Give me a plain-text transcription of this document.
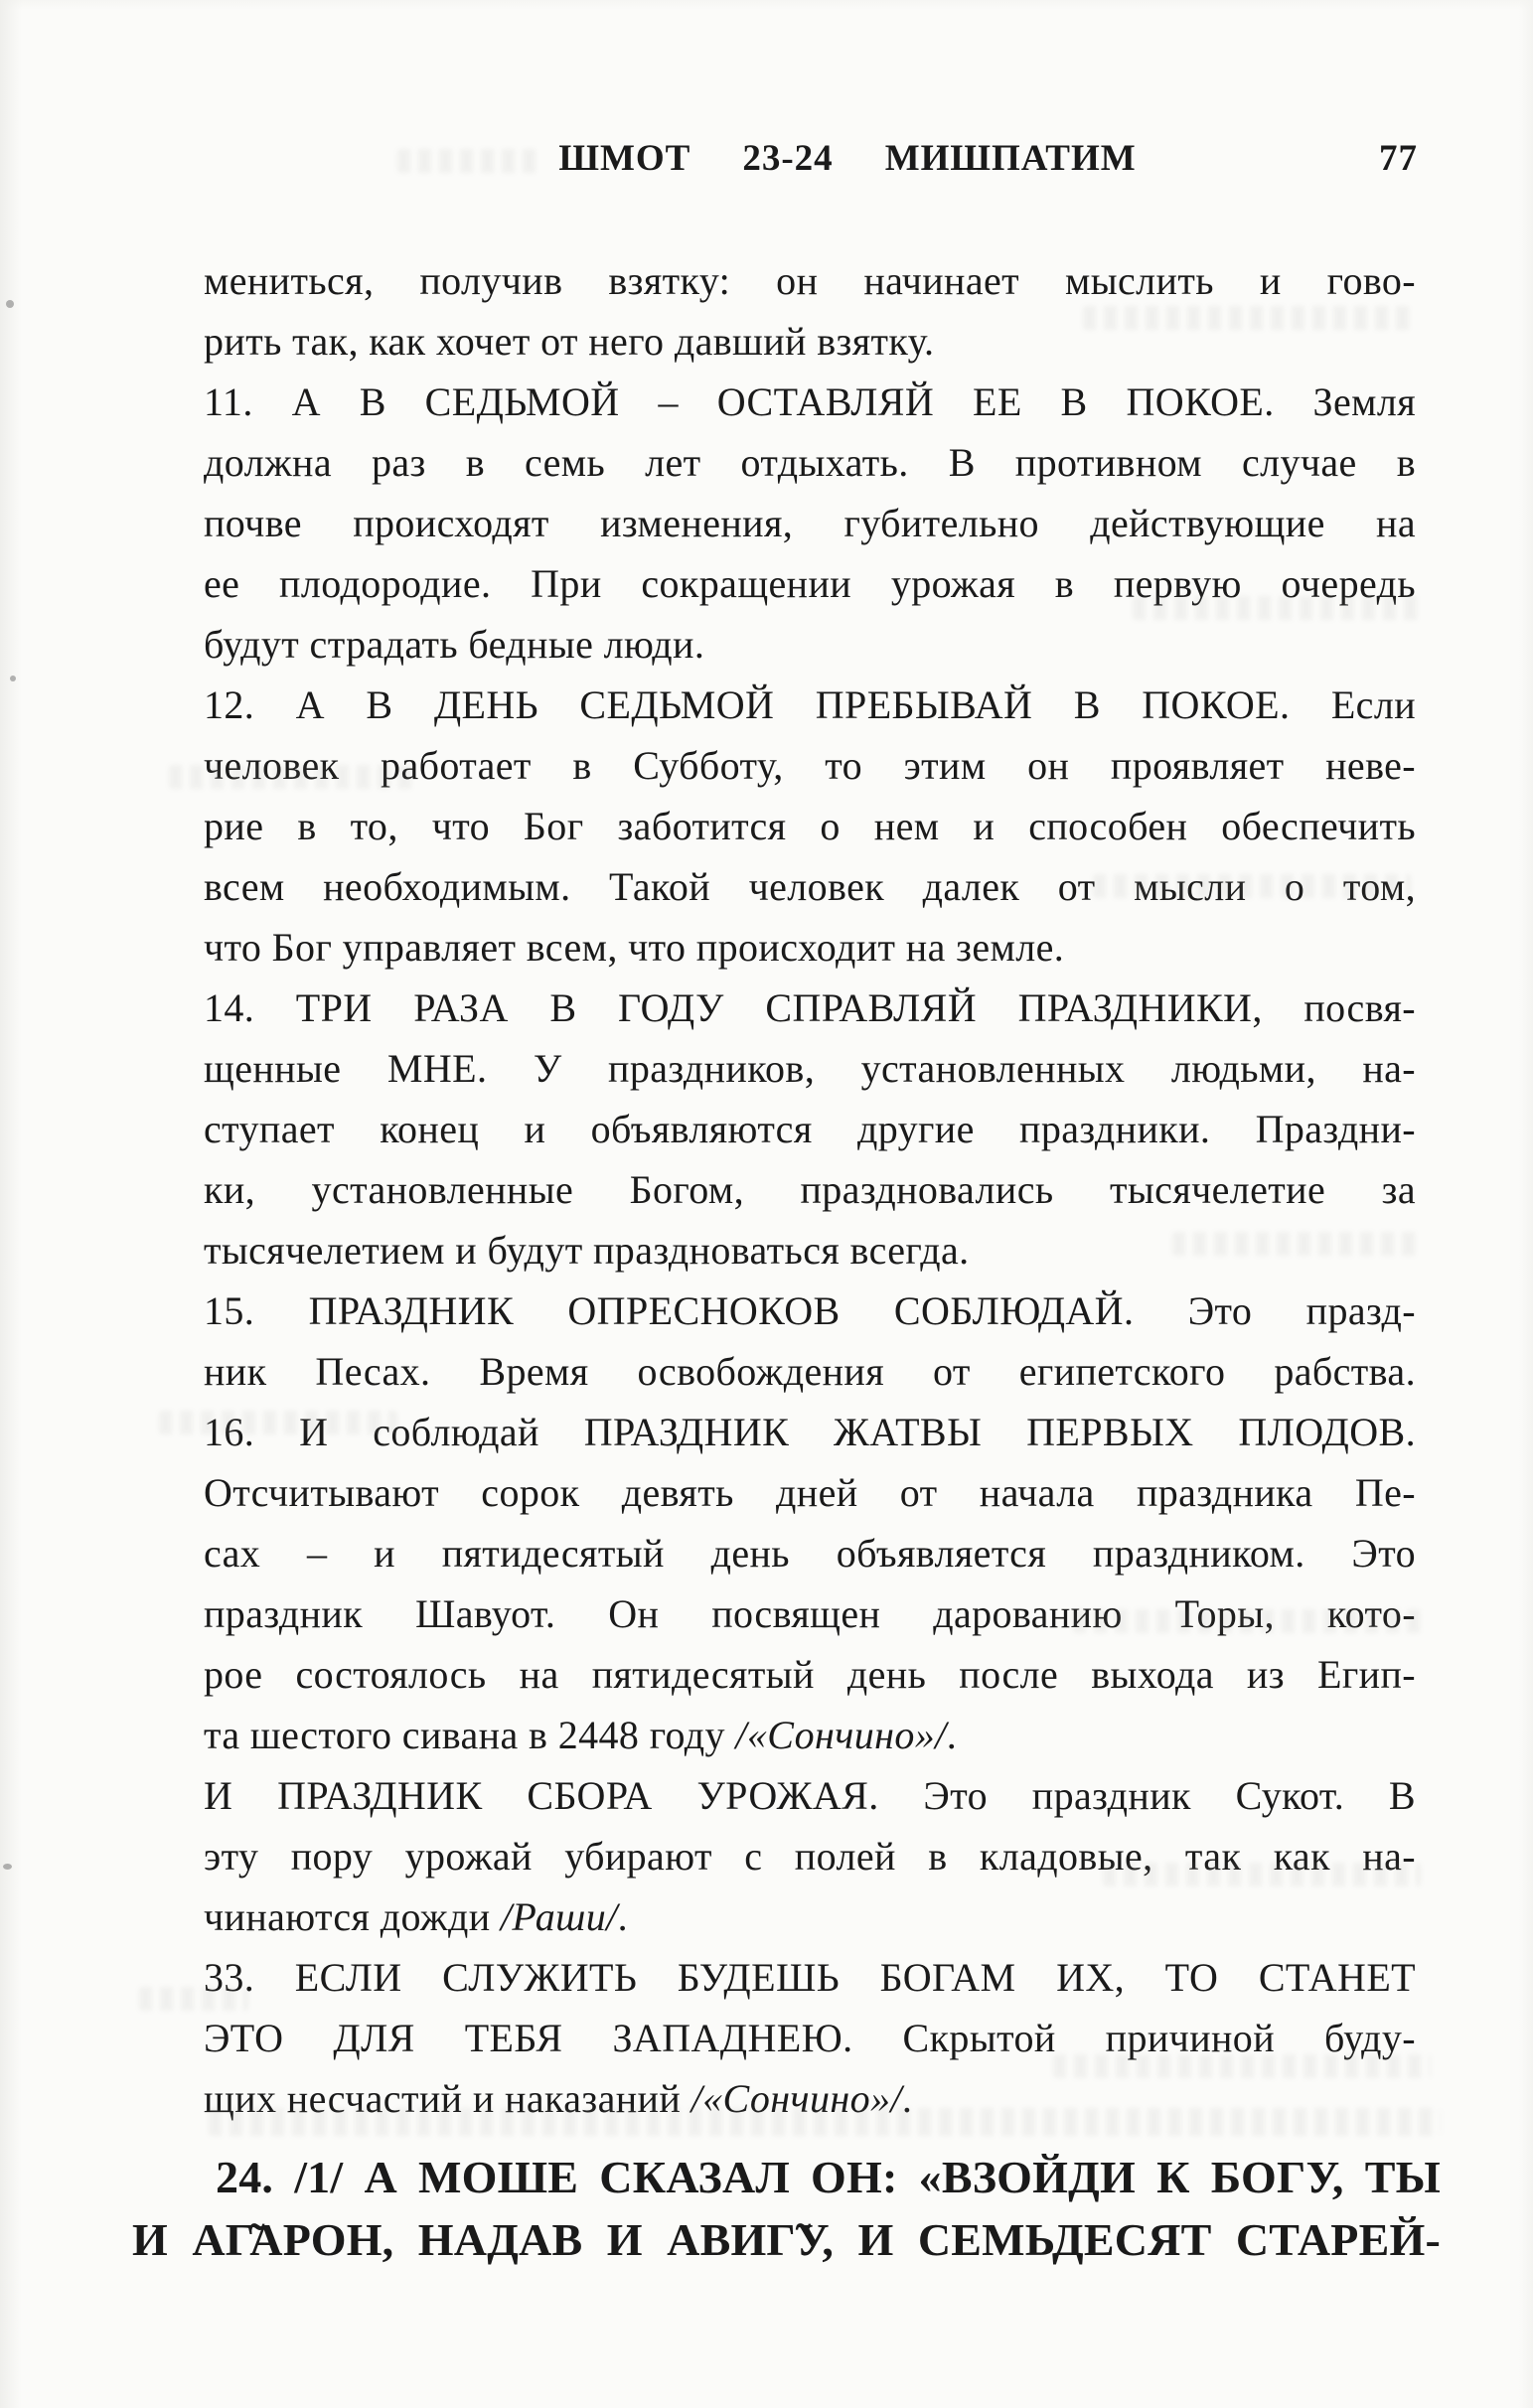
ШМОТ 23-24 МИШПАТИМ	77
мениться, получив взятку: он начинает мыслить и гово-
рить так, как хочет от него давший взятку.
11. А В СЕДЬМОЙ – ОСТАВЛЯЙ ЕЕ В ПОКОЕ. Земля
должна раз в семь лет отдыхать. В противном случае в
почве происходят изменения, губительно действующие на
ее плодородие. При сокращении урожая в первую очередь
будут страдать бедные люди.
12. А В ДЕНЬ СЕДЬМОЙ ПРЕБЫВАЙ В ПОКОЕ. Если
человек работает в Субботу, то этим он проявляет неве-
рие в то, что Бог заботится о нем и способен обеспечить
всем необходимым. Такой человек далек от мысли о том,
что Бог управляет всем, что происходит на земле.
14. ТРИ РАЗА В ГОДУ СПРАВЛЯЙ ПРАЗДНИКИ, посвя-
щенные МНЕ. У праздников, установленных людьми, на-
ступает конец и объявляются другие праздники. Праздни-
ки, установленные Богом, праздновались тысячелетие за
тысячелетием и будут праздноваться всегда.
15. ПРАЗДНИК ОПРЕСНОКОВ СОБЛЮДАЙ. Это празд-
ник Песах. Время освобождения от египетского рабства.
16. И соблюдай ПРАЗДНИК ЖАТВЫ ПЕРВЫХ ПЛОДОВ.
Отсчитывают сорок девять дней от начала праздника Пе-
сах – и пятидесятый день объявляется праздником. Это
праздник Шавуот. Он посвящен дарованию Торы, кото-
рое состоялось на пятидесятый день после выхода из Егип-
та шестого сивана в 2448 году /«Сончино»/.
И ПРАЗДНИК СБОРА УРОЖАЯ. Это праздник Сукот. В
эту пору урожай убирают с полей в кладовые, так как на-
чинаются дожди /Раши/.
33. ЕСЛИ СЛУЖИТЬ БУДЕШЬ БОГАМ ИХ, ТО СТАНЕТ
ЭТО ДЛЯ ТЕБЯ ЗАПАДНЕЮ. Скрытой причиной буду-
щих несчастий и наказаний /«Сончино»/.
24. /1/ А МОШЕ СКАЗАЛ ОН: «ВЗОЙДИ К БОГУ, ТЫ
И АГ̃АРОН, НАДАВ И АВИГ̃У, И СЕМЬДЕСЯТ СТАРЕЙ-
